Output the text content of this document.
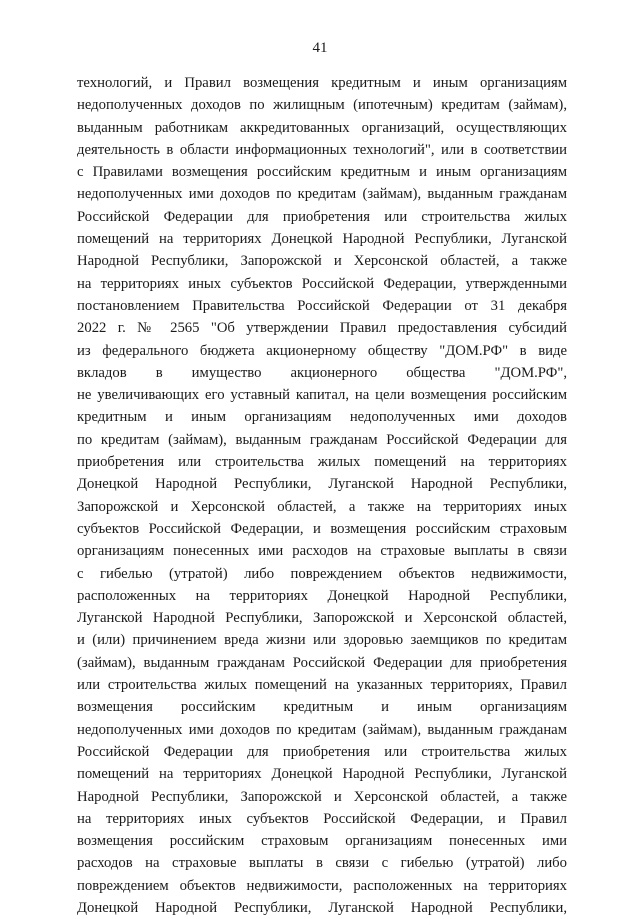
41
технологий, и Правил возмещения кредитным и иным организациям
недополученных доходов по жилищным (ипотечным) кредитам (займам),
выданным работникам аккредитованных организаций, осуществляющих
деятельность в области информационных технологий", или в соответствии
с Правилами возмещения российским кредитным и иным организациям
недополученных ими доходов по кредитам (займам), выданным гражданам
Российской Федерации для приобретения или строительства жилых
помещений на территориях Донецкой Народной Республики, Луганской
Народной Республики, Запорожской и Херсонской областей, а также
на территориях иных субъектов Российской Федерации, утвержденными
постановлением Правительства Российской Федерации от 31 декабря
2022 г. № 2565 "Об утверждении Правил предоставления субсидий
из федерального бюджета акционерному обществу "ДОМ.РФ" в виде
вкладов в имущество акционерного общества "ДОМ.РФ",
не увеличивающих его уставный капитал, на цели возмещения российским
кредитным и иным организациям недополученных ими доходов
по кредитам (займам), выданным гражданам Российской Федерации для
приобретения или строительства жилых помещений на территориях
Донецкой Народной Республики, Луганской Народной Республики,
Запорожской и Херсонской областей, а также на территориях иных
субъектов Российской Федерации, и возмещения российским страховым
организациям понесенных ими расходов на страховые выплаты в связи
с гибелью (утратой) либо повреждением объектов недвижимости,
расположенных на территориях Донецкой Народной Республики,
Луганской Народной Республики, Запорожской и Херсонской областей,
и (или) причинением вреда жизни или здоровью заемщиков по кредитам
(займам), выданным гражданам Российской Федерации для приобретения
или строительства жилых помещений на указанных территориях, Правил
возмещения российским кредитным и иным организациям
недополученных ими доходов по кредитам (займам), выданным гражданам
Российской Федерации для приобретения или строительства жилых
помещений на территориях Донецкой Народной Республики, Луганской
Народной Республики, Запорожской и Херсонской областей, а также
на территориях иных субъектов Российской Федерации, и Правил
возмещения российским страховым организациям понесенных ими
расходов на страховые выплаты в связи с гибелью (утратой) либо
повреждением объектов недвижимости, расположенных на территориях
Донецкой Народной Республики, Луганской Народной Республики,
